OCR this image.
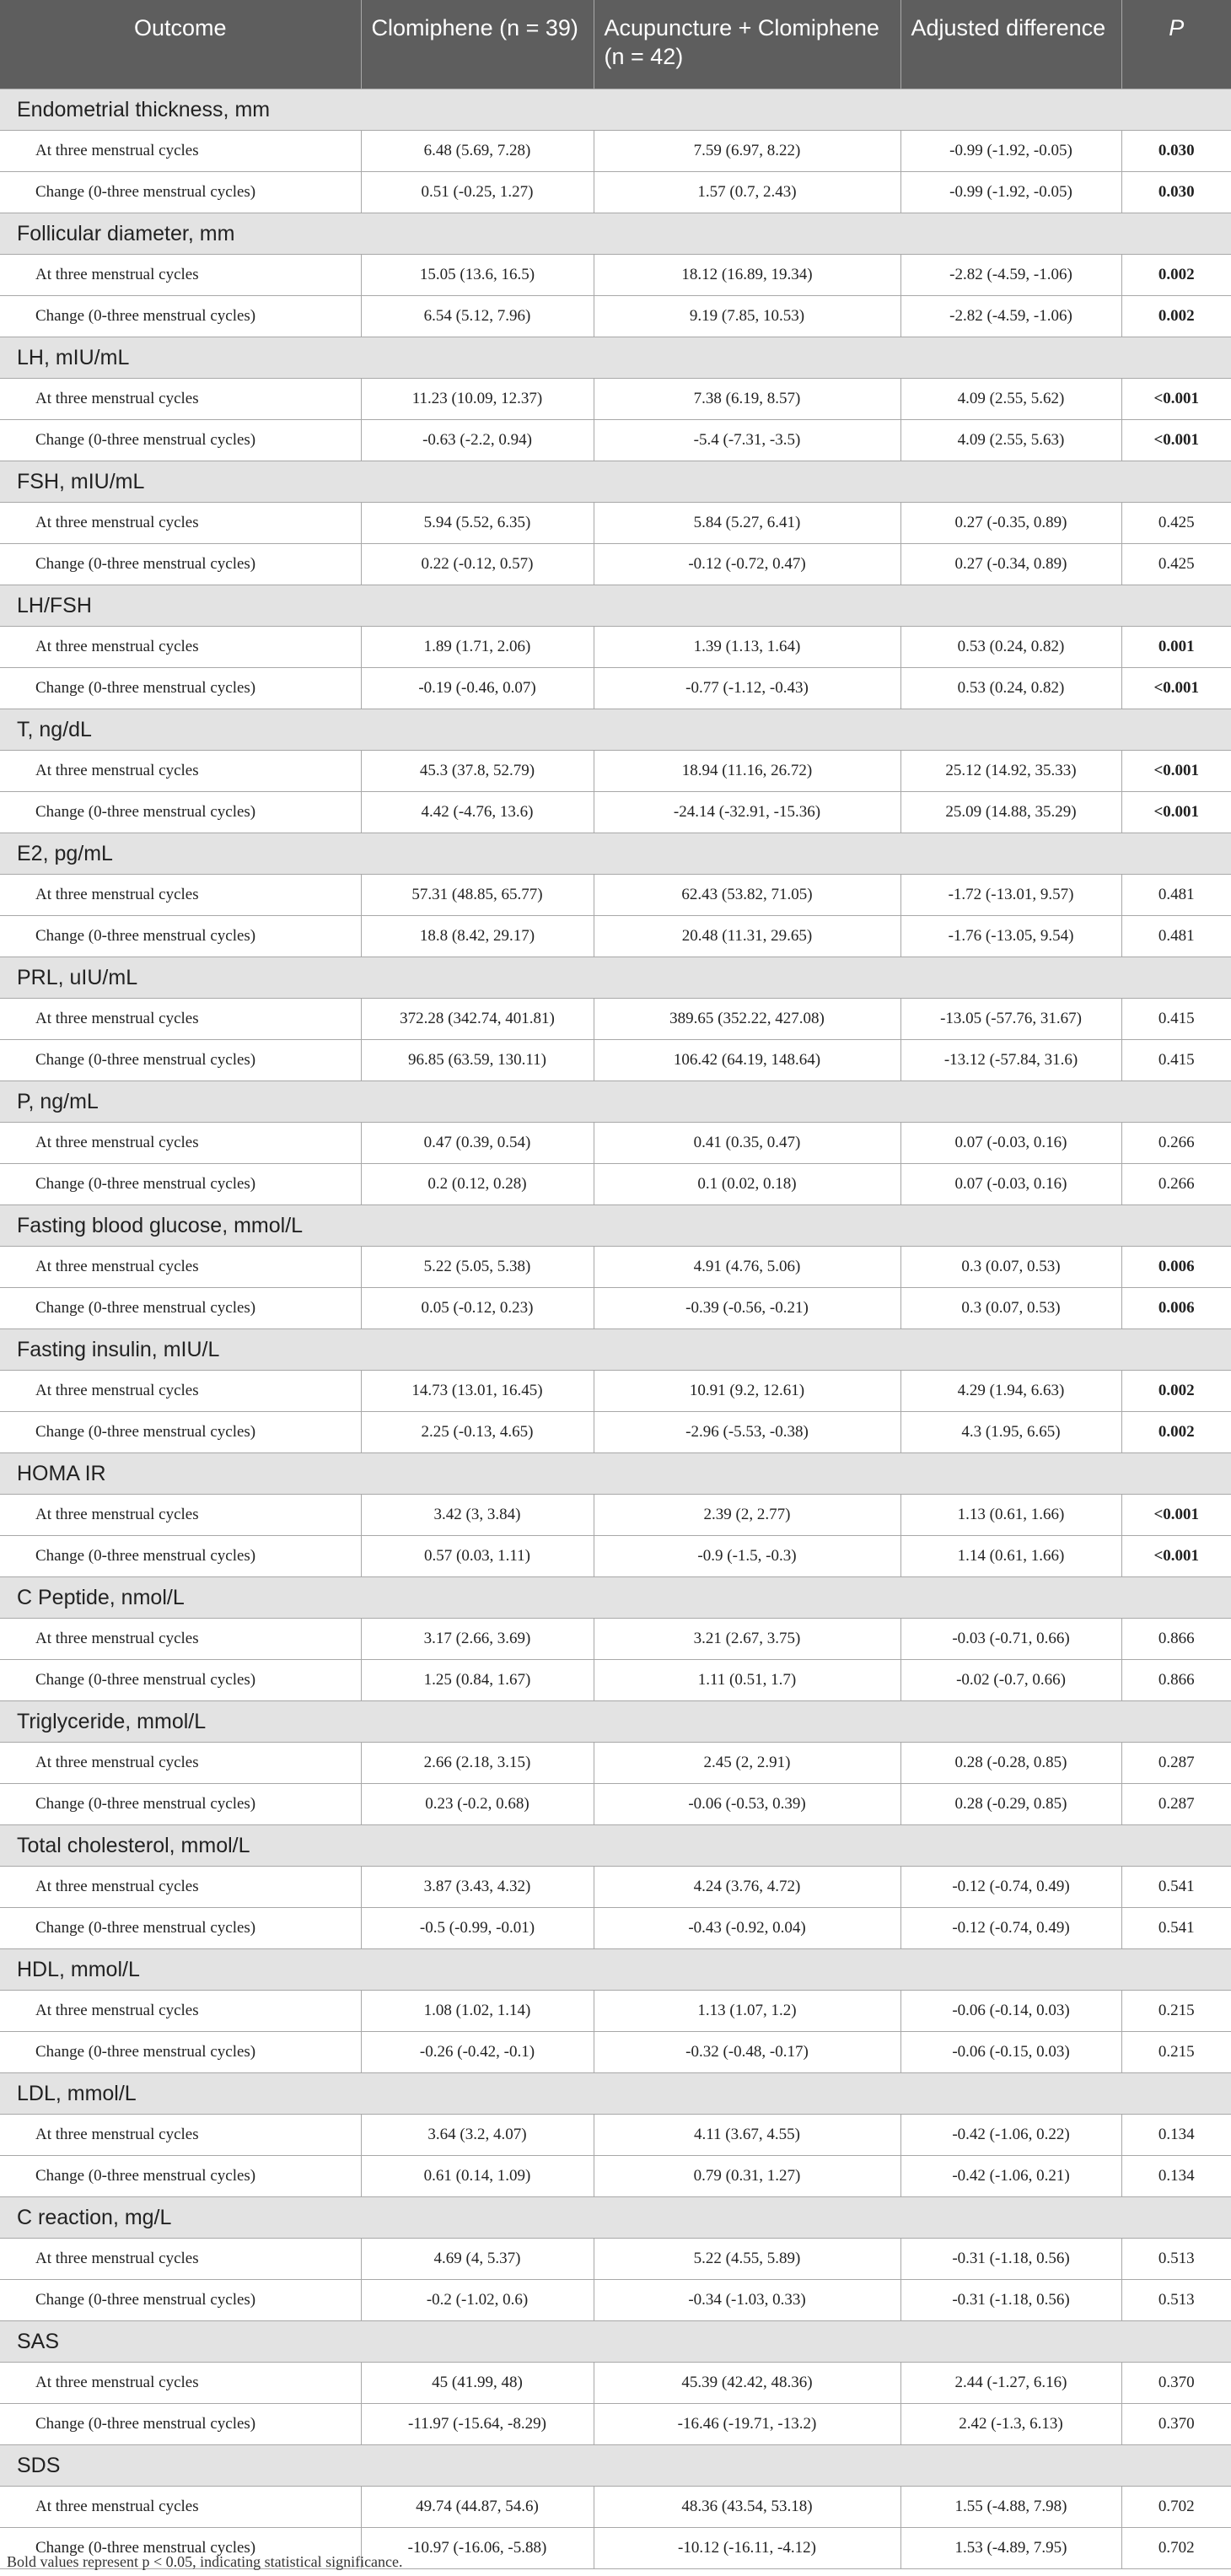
Outcome	Clomiphene (n = 39)	Acupuncture + Clomiphene (n = 42)	Adjusted difference	P
Endometrial thickness, mm				
At three menstrual cycles	6.48 (5.69, 7.28)	7.59 (6.97, 8.22)	-0.99 (-1.92, -0.05)	0.030
Change (0-three menstrual cycles)	0.51 (-0.25, 1.27)	1.57 (0.7, 2.43)	-0.99 (-1.92, -0.05)	0.030
Follicular diameter, mm				
At three menstrual cycles	15.05 (13.6, 16.5)	18.12 (16.89, 19.34)	-2.82 (-4.59, -1.06)	0.002
Change (0-three menstrual cycles)	6.54 (5.12, 7.96)	9.19 (7.85, 10.53)	-2.82 (-4.59, -1.06)	0.002
LH, mIU/mL				
At three menstrual cycles	11.23 (10.09, 12.37)	7.38 (6.19, 8.57)	4.09 (2.55, 5.62)	<0.001
Change (0-three menstrual cycles)	-0.63 (-2.2, 0.94)	-5.4 (-7.31, -3.5)	4.09 (2.55, 5.63)	<0.001
FSH, mIU/mL				
At three menstrual cycles	5.94 (5.52, 6.35)	5.84 (5.27, 6.41)	0.27 (-0.35, 0.89)	0.425
Change (0-three menstrual cycles)	0.22 (-0.12, 0.57)	-0.12 (-0.72, 0.47)	0.27 (-0.34, 0.89)	0.425
LH/FSH				
At three menstrual cycles	1.89 (1.71, 2.06)	1.39 (1.13, 1.64)	0.53 (0.24, 0.82)	0.001
Change (0-three menstrual cycles)	-0.19 (-0.46, 0.07)	-0.77 (-1.12, -0.43)	0.53 (0.24, 0.82)	<0.001
T, ng/dL				
At three menstrual cycles	45.3 (37.8, 52.79)	18.94 (11.16, 26.72)	25.12 (14.92, 35.33)	<0.001
Change (0-three menstrual cycles)	4.42 (-4.76, 13.6)	-24.14 (-32.91, -15.36)	25.09 (14.88, 35.29)	<0.001
E2, pg/mL				
At three menstrual cycles	57.31 (48.85, 65.77)	62.43 (53.82, 71.05)	-1.72 (-13.01, 9.57)	0.481
Change (0-three menstrual cycles)	18.8 (8.42, 29.17)	20.48 (11.31, 29.65)	-1.76 (-13.05, 9.54)	0.481
PRL, uIU/mL				
At three menstrual cycles	372.28 (342.74, 401.81)	389.65 (352.22, 427.08)	-13.05 (-57.76, 31.67)	0.415
Change (0-three menstrual cycles)	96.85 (63.59, 130.11)	106.42 (64.19, 148.64)	-13.12 (-57.84, 31.6)	0.415
P, ng/mL				
At three menstrual cycles	0.47 (0.39, 0.54)	0.41 (0.35, 0.47)	0.07 (-0.03, 0.16)	0.266
Change (0-three menstrual cycles)	0.2 (0.12, 0.28)	0.1 (0.02, 0.18)	0.07 (-0.03, 0.16)	0.266
Fasting blood glucose, mmol/L				
At three menstrual cycles	5.22 (5.05, 5.38)	4.91 (4.76, 5.06)	0.3 (0.07, 0.53)	0.006
Change (0-three menstrual cycles)	0.05 (-0.12, 0.23)	-0.39 (-0.56, -0.21)	0.3 (0.07, 0.53)	0.006
Fasting insulin, mIU/L				
At three menstrual cycles	14.73 (13.01, 16.45)	10.91 (9.2, 12.61)	4.29 (1.94, 6.63)	0.002
Change (0-three menstrual cycles)	2.25 (-0.13, 4.65)	-2.96 (-5.53, -0.38)	4.3 (1.95, 6.65)	0.002
HOMA IR				
At three menstrual cycles	3.42 (3, 3.84)	2.39 (2, 2.77)	1.13 (0.61, 1.66)	<0.001
Change (0-three menstrual cycles)	0.57 (0.03, 1.11)	-0.9 (-1.5, -0.3)	1.14 (0.61, 1.66)	<0.001
C Peptide, nmol/L				
At three menstrual cycles	3.17 (2.66, 3.69)	3.21 (2.67, 3.75)	-0.03 (-0.71, 0.66)	0.866
Change (0-three menstrual cycles)	1.25 (0.84, 1.67)	1.11 (0.51, 1.7)	-0.02 (-0.7, 0.66)	0.866
Triglyceride, mmol/L				
At three menstrual cycles	2.66 (2.18, 3.15)	2.45 (2, 2.91)	0.28 (-0.28, 0.85)	0.287
Change (0-three menstrual cycles)	0.23 (-0.2, 0.68)	-0.06 (-0.53, 0.39)	0.28 (-0.29, 0.85)	0.287
Total cholesterol, mmol/L				
At three menstrual cycles	3.87 (3.43, 4.32)	4.24 (3.76, 4.72)	-0.12 (-0.74, 0.49)	0.541
Change (0-three menstrual cycles)	-0.5 (-0.99, -0.01)	-0.43 (-0.92, 0.04)	-0.12 (-0.74, 0.49)	0.541
HDL, mmol/L				
At three menstrual cycles	1.08 (1.02, 1.14)	1.13 (1.07, 1.2)	-0.06 (-0.14, 0.03)	0.215
Change (0-three menstrual cycles)	-0.26 (-0.42, -0.1)	-0.32 (-0.48, -0.17)	-0.06 (-0.15, 0.03)	0.215
LDL, mmol/L				
At three menstrual cycles	3.64 (3.2, 4.07)	4.11 (3.67, 4.55)	-0.42 (-1.06, 0.22)	0.134
Change (0-three menstrual cycles)	0.61 (0.14, 1.09)	0.79 (0.31, 1.27)	-0.42 (-1.06, 0.21)	0.134
C reaction, mg/L				
At three menstrual cycles	4.69 (4, 5.37)	5.22 (4.55, 5.89)	-0.31 (-1.18, 0.56)	0.513
Change (0-three menstrual cycles)	-0.2 (-1.02, 0.6)	-0.34 (-1.03, 0.33)	-0.31 (-1.18, 0.56)	0.513
SAS				
At three menstrual cycles	45 (41.99, 48)	45.39 (42.42, 48.36)	2.44 (-1.27, 6.16)	0.370
Change (0-three menstrual cycles)	-11.97 (-15.64, -8.29)	-16.46 (-19.71, -13.2)	2.42 (-1.3, 6.13)	0.370
SDS				
At three menstrual cycles	49.74 (44.87, 54.6)	48.36 (43.54, 53.18)	1.55 (-4.88, 7.98)	0.702
Change (0-three menstrual cycles)	-10.97 (-16.06, -5.88)	-10.12 (-16.11, -4.12)	1.53 (-4.89, 7.95)	0.702
Bold values represent p < 0.05, indicating statistical significance.
